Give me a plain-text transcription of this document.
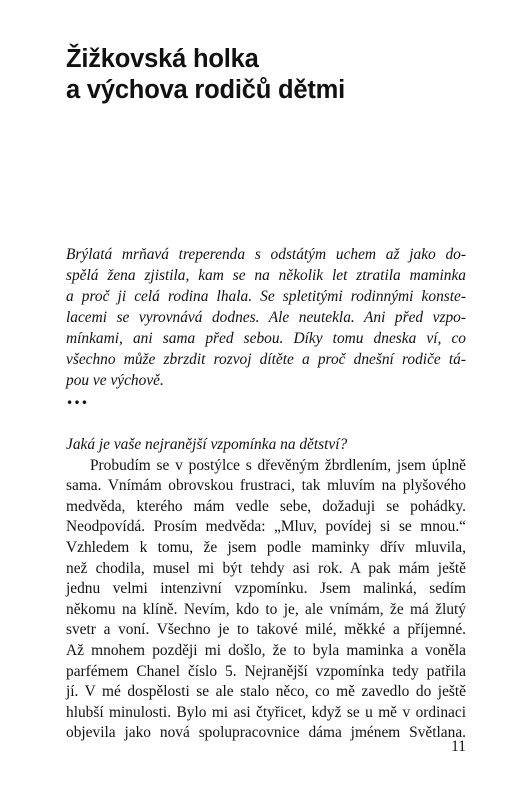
Žižkovská holka
a výchova rodičů dětmi
Brýlatá mrňavá treperenda s odstátým uchem až jako do-
spělá žena zjistila, kam se na několik let ztratila maminka
a proč ji celá rodina lhala. Se spletitými rodinnými konste-
lacemi se vyrovnává dodnes. Ale neutekla. Ani před vzpo-
mínkami, ani sama před sebou. Díky tomu dneska ví, co
všechno může zbrzdit rozvoj dítěte a proč dnešní rodiče tá-
pou ve výchově.
…
Jaká je vaše nejranější vzpomínka na dětství?
Probudím se v postýlce s dřevěným žbrdlením, jsem úplně
sama. Vnímám obrovskou frustraci, tak mluvím na plyšového
medvěda, kterého mám vedle sebe, dožaduji se pohádky.
Neodpovídá. Prosím medvěda: „Mluv, povídej si se mnou.“
Vzhledem k tomu, že jsem podle maminky dřív mluvila,
než chodila, musel mi být tehdy asi rok. A pak mám ještě
jednu velmi intenzivní vzpomínku. Jsem malinká, sedím
někomu na klíně. Nevím, kdo to je, ale vnímám, že má žlutý
svetr a voní. Všechno je to takové milé, měkké a příjemné.
Až mnohem později mi došlo, že to byla maminka a voněla
parfémem Chanel číslo 5. Nejranější vzpomínka tedy patřila
jí. V mé dospělosti se ale stalo něco, co mě zavedlo do ještě
hlubší minulosti. Bylo mi asi čtyřicet, když se u mě v ordinaci
objevila jako nová spolupracovnice dáma jménem Světlana.
11
